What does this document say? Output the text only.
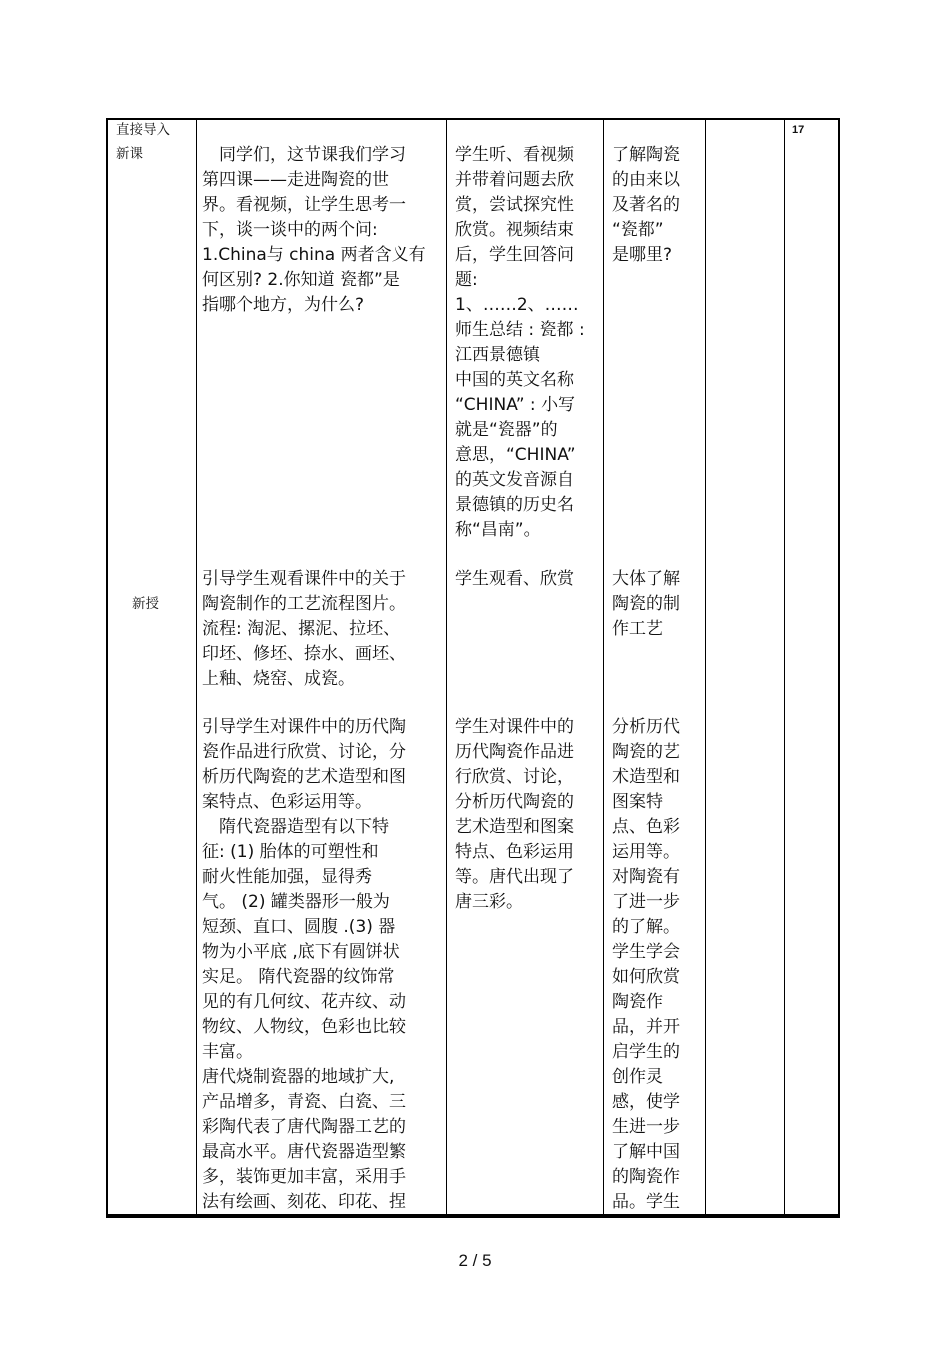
直接导入
新课
新授
　同学们，这节课我们学习
第四课——走进陶瓷的世
界。看视频，让学生思考一
下，谈一谈中的两个问:
1.China与 china 两者含义有
何区别? 2.你知道 瓷都”是
指哪个地方，为什么?
引导学生观看课件中的关于
陶瓷制作的工艺流程图片。
流程: 淘泥、摞泥、拉坯、
印坯、修坯、捺水、画坯、
上釉、烧窑、成瓷。
引导学生对课件中的历代陶
瓷作品进行欣赏、讨论，分
析历代陶瓷的艺术造型和图
案特点、色彩运用等。
　隋代瓷器造型有以下特
征: (1) 胎体的可塑性和
耐火性能加强，显得秀
气。 (2) 罐类器形一般为
短颈、直口、圆腹 .(3) 器
物为小平底 ,底下有圆饼状
实足。 隋代瓷器的纹饰常
见的有几何纹、花卉纹、动
物纹、人物纹，色彩也比较
丰富。
唐代烧制瓷器的地域扩大,
产品增多，青瓷、白瓷、三
彩陶代表了唐代陶器工艺的
最高水平。唐代瓷器造型繁
多，装饰更加丰富，采用手
法有绘画、刻花、印花、捏
学生听、看视频
并带着问题去欣
赏，尝试探究性
欣赏。视频结束
后，学生回答问
题:
1、……2、……
师生总结 : 瓷都 :
江西景德镇
中国的英文名称
“CHINA” : 小写
就是“瓷器”的
意思，“CHINA”
的英文发音源自
景德镇的历史名
称“昌南”。
学生观看、欣赏
学生对课件中的
历代陶瓷作品进
行欣赏、讨论，
分析历代陶瓷的
艺术造型和图案
特点、色彩运用
等。唐代出现了
唐三彩。
了解陶瓷
的由来以
及著名的
“瓷都”
是哪里?
大体了解
陶瓷的制
作工艺
分析历代
陶瓷的艺
术造型和
图案特
点、色彩
运用等。
对陶瓷有
了进一步
的了解。
学生学会
如何欣赏
陶瓷作
品，并开
启学生的
创作灵
感，使学
生进一步
了解中国
的陶瓷作
品。学生
17
2 / 5
